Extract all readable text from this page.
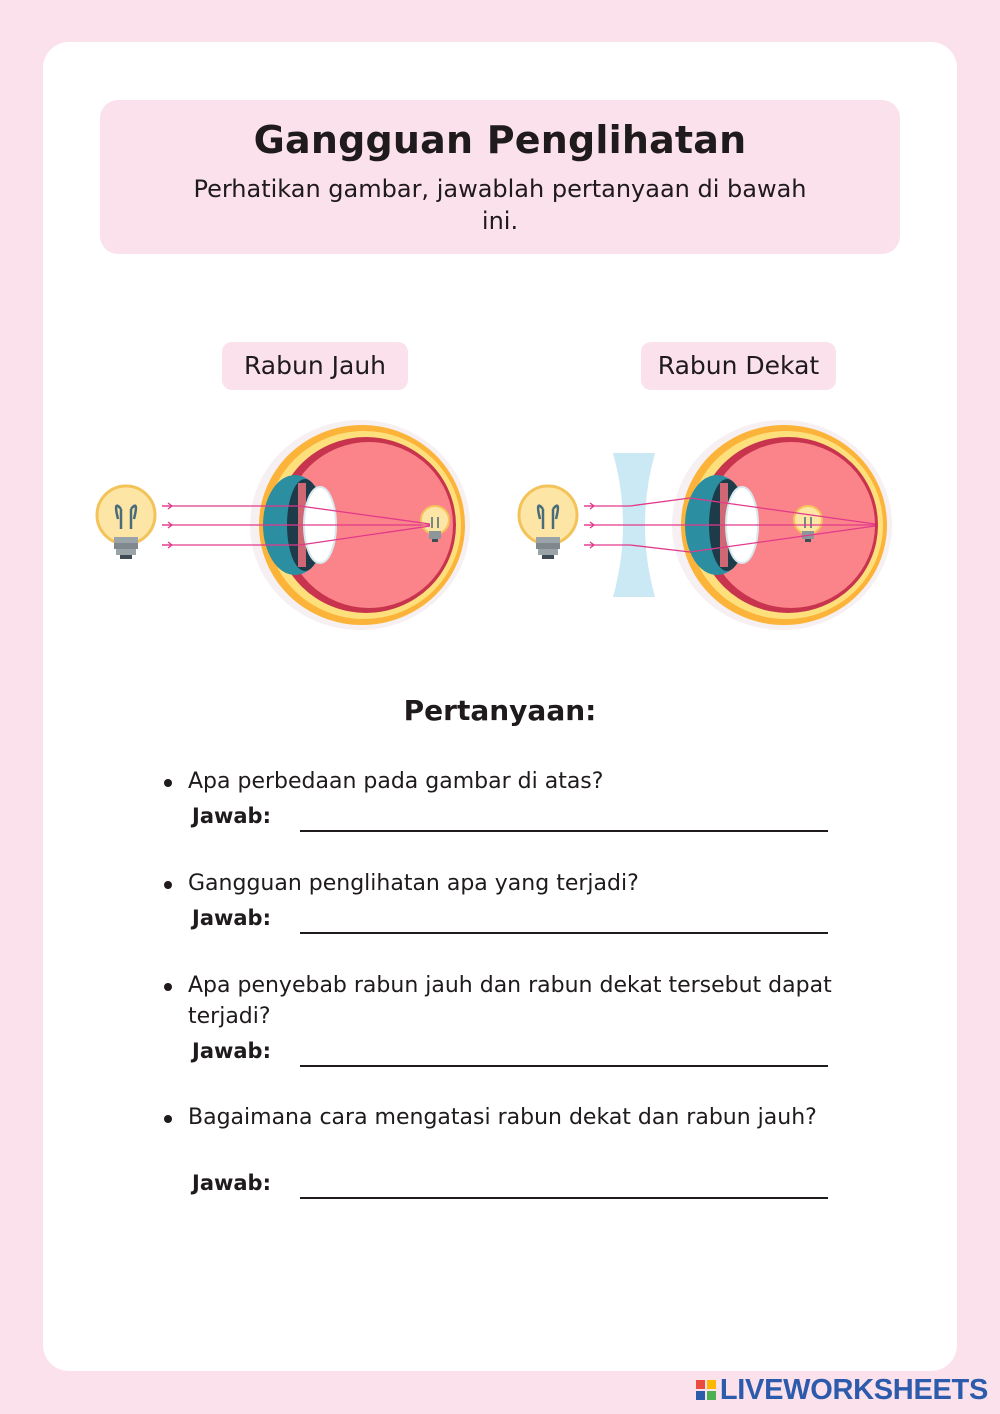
Gangguan Penglihatan
Perhatikan gambar, jawablah pertanyaan di bawah ini.
Rabun Jauh	Rabun Dekat
Pertanyaan:
Apa perbedaan pada gambar di atas?
Jawab:
Gangguan penglihatan apa yang terjadi?
Jawab:
Apa penyebab rabun jauh dan rabun dekat tersebut dapat terjadi?
Jawab:
Bagaimana cara mengatasi rabun dekat dan rabun jauh?
Jawab:
LIVEWORKSHEETS
